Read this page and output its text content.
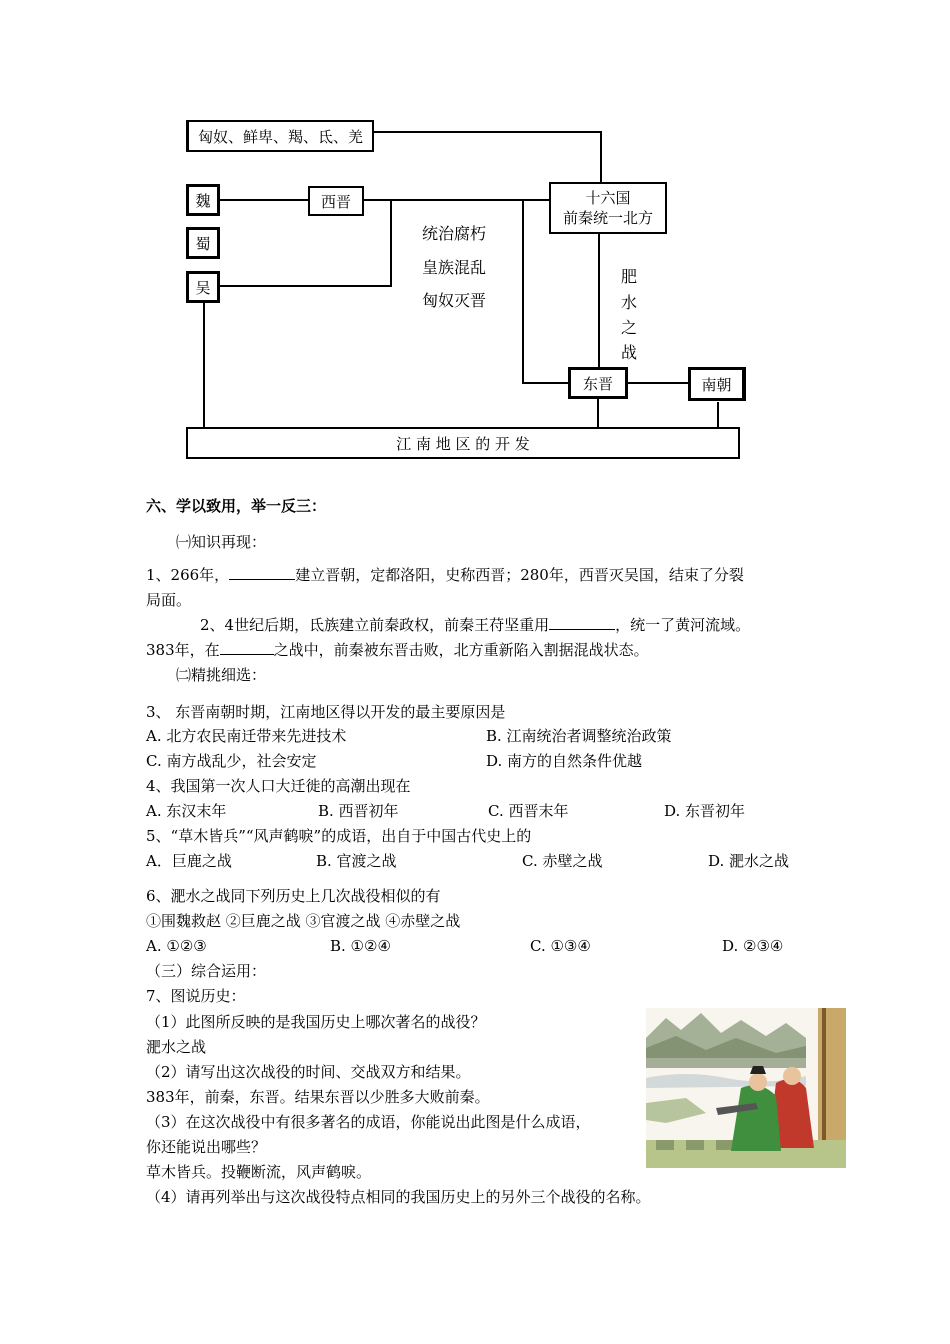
匈奴、鲜卑、羯、氐、羌
魏
蜀
吴
西晋	十六国
前秦统一北方
东晋	南朝
江 南 地 区 的 开 发
统治腐朽
皇族混乱
匈奴灭晋
肥
水
之
战
六、学以致用，举一反三：
㈠知识再现：
1、266年，	建立晋朝，定都洛阳，史称西晋；280年，西晋灭吴国，结束了分裂
局面。
2、4世纪后期，氐族建立前秦政权，前秦王苻坚重用	，统一了黄河流域。
383年，在	之战中，前秦被东晋击败，北方重新陷入割据混战状态。
㈡精挑细选：
3、 东晋南朝时期，江南地区得以开发的最主要原因是
A. 北方农民南迁带来先进技术	B. 江南统治者调整统治政策
C. 南方战乱少，社会安定	D. 南方的自然条件优越
4、我国第一次人口大迁徙的高潮出现在
A. 东汉末年	B. 西晋初年	C. 西晋末年	D. 东晋初年
5、“草木皆兵”“风声鹤唳”的成语，出自于中国古代史上的
A．巨鹿之战	B. 官渡之战	C. 赤壁之战	D. 淝水之战
6、淝水之战同下列历史上几次战役相似的有
①围魏救赵 ②巨鹿之战 ③官渡之战 ④赤壁之战
A. ①②③	B. ①②④	C. ①③④	D. ②③④
（三）综合运用：
7、图说历史：
（1）此图所反映的是我国历史上哪次著名的战役？
淝水之战
（2）请写出这次战役的时间、交战双方和结果。
383年，前秦，东晋。结果东晋以少胜多大败前秦。
（3）在这次战役中有很多著名的成语，你能说出此图是什么成语，
你还能说出哪些？
草木皆兵。投鞭断流，风声鹤唳。
（4）请再列举出与这次战役特点相同的我国历史上的另外三个战役的名称。
